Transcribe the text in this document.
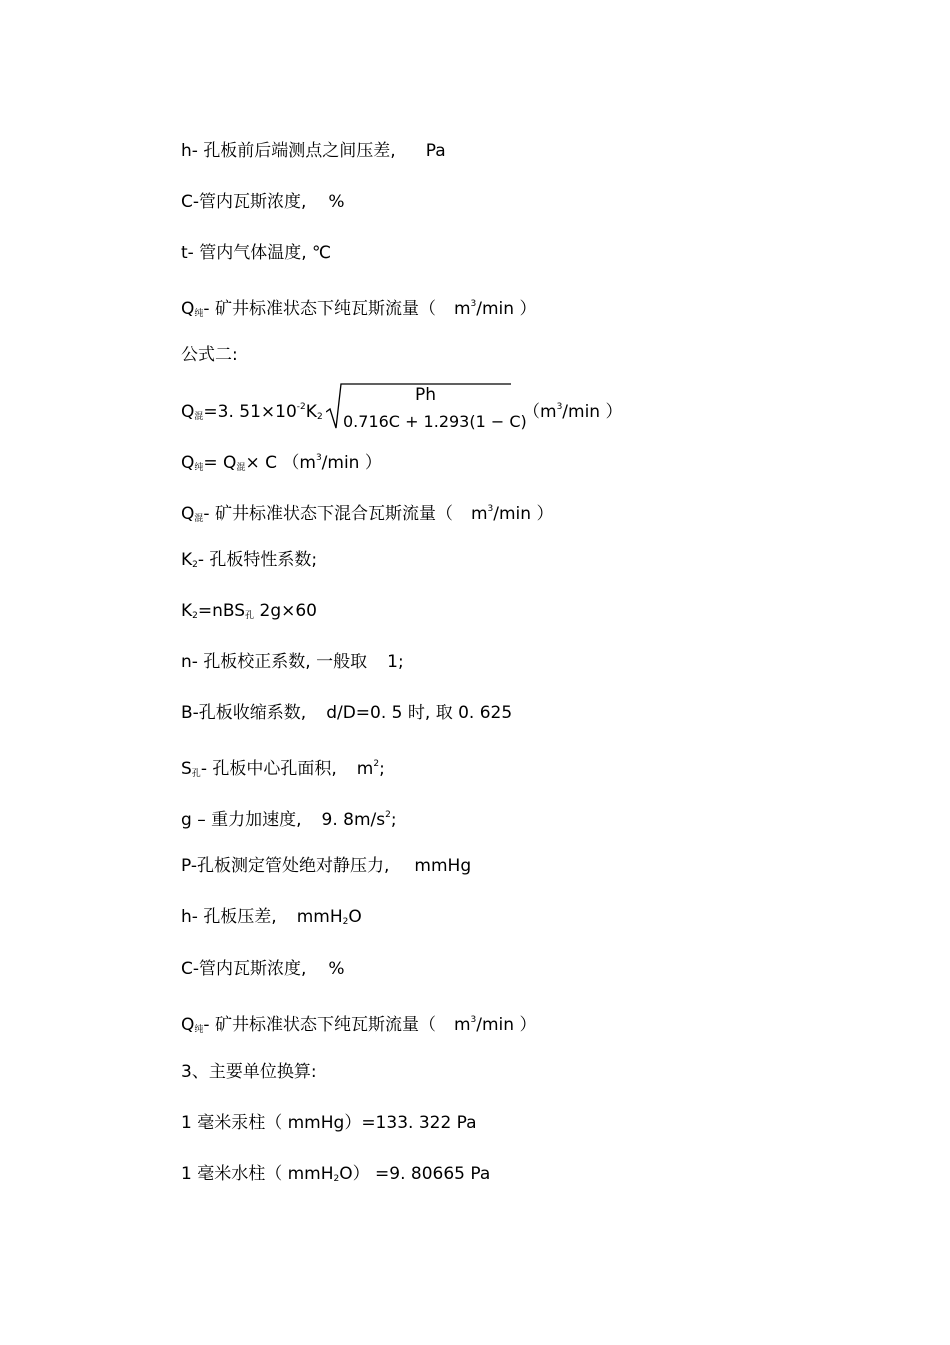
h- 孔板前后端测点之间压差, Pa
C-管内瓦斯浓度, %
t- 管内气体温度, ℃
$Q_纯-$ 矿井标准状态下纯瓦斯流量（ $m^3/\min$ ）
公式二:
$Q_混=3$. $51\times 10^{-2}K_2$
Ph
0.716C + 1.293(1 − C)
（$m^3/\min$ ）
$Q_纯= Q_混\times C$ （$m^3/\min$ ）
$Q_混-$ 矿井标准状态下混合瓦斯流量（ $m^3/\min$ ）
$K_2-$ 孔板特性系数;
$K_2=nBS_孔$ 2g×60
n- 孔板校正系数, 一般取 1;
B-孔板收缩系数, d/D=0. 5 时, 取 0. 625
$S_孔-$ 孔板中心孔面积, $m^2$;
g – 重力加速度, 9. $8m/s^2$;
P-孔板测定管处绝对静压力, mmHg
h- 孔板压差, mmH$_2$O
C-管内瓦斯浓度, %
$Q_纯-$ 矿井标准状态下纯瓦斯流量（ $m^3/\min$ ）
3、主要单位换算:
1 毫米汞柱（ mmHg）=133. 322 Pa
1 毫米水柱（ mmH$_2$O） =9. 80665 Pa
